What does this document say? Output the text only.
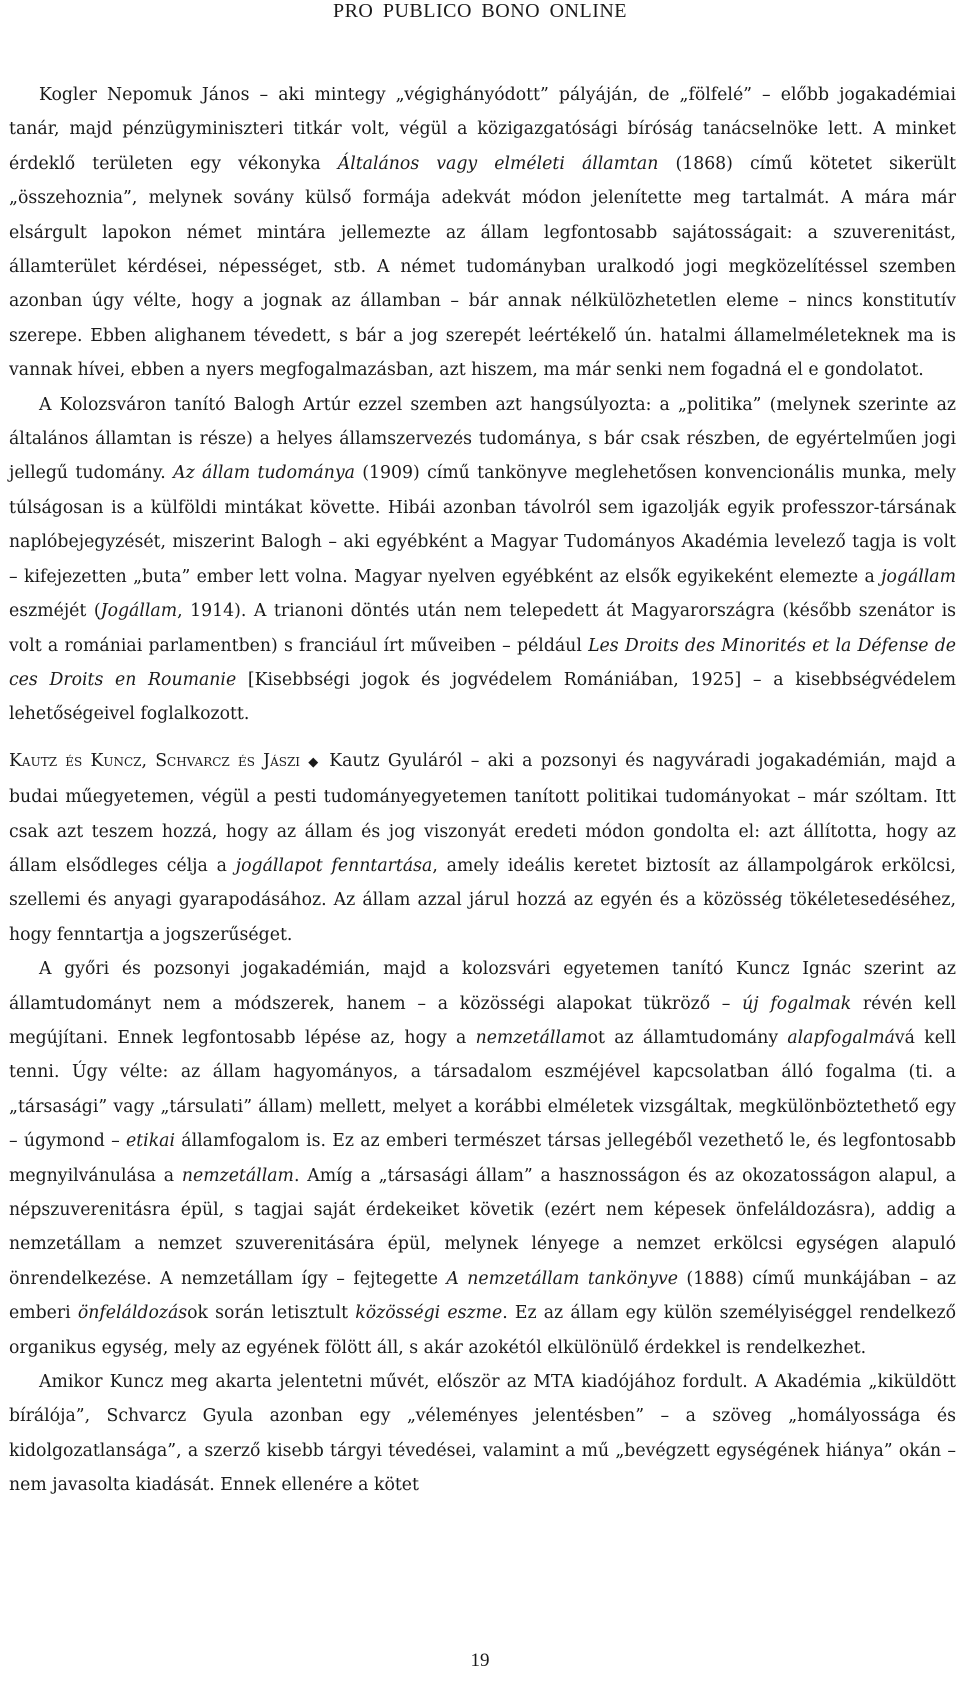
PRO PUBLICO BONO ONLINE

Kogler Nepomuk János – aki mintegy „végighányódott” pályáján, de „fölfelé” – előbb jogakadémiai tanár, majd pénzügyminiszteri titkár volt, végül a közigazgatósági bíróság tanácselnöke lett. A minket érdeklő területen egy vékonyka Általános vagy elméleti államtan (1868) című kötetet sikerült „összehoznia”, melynek sovány külső formája adekvát módon jelenítette meg tartalmát. A mára már elsárgult lapokon német mintára jellemezte az állam legfontosabb sajátosságait: a szuverenitást, államterület kérdései, népességet, stb. A német tudományban uralkodó jogi megközelítéssel szemben azonban úgy vélte, hogy a jognak az államban – bár annak nélkülözhetetlen eleme – nincs konstitutív szerepe. Ebben alighanem tévedett, s bár a jog szerepét leértékelő ún. hatalmi államelméleteknek ma is vannak hívei, ebben a nyers megfogalmazásban, azt hiszem, ma már senki nem fogadná el e gondolatot.

A Kolozsváron tanító Balogh Artúr ezzel szemben azt hangsúlyozta: a „politika” (melynek szerinte az általános államtan is része) a helyes államszervezés tudománya, s bár csak részben, de egyértelműen jogi jellegű tudomány. Az állam tudománya (1909) című tankönyve meglehetősen konvencionális munka, mely túlságosan is a külföldi mintákat követte. Hibái azonban távolról sem igazolják egyik professzor-társának naplóbejegyzését, miszerint Balogh – aki egyébként a Magyar Tudományos Akadémia levelező tagja is volt – kifejezetten „buta” ember lett volna. Magyar nyelven egyébként az elsők egyikeként elemezte a jogállam eszméjét (Jogállam, 1914). A trianoni döntés után nem telepedett át Magyarországra (később szenátor is volt a romániai parlamentben) s franciául írt műveiben – például Les Droits des Minorités et la Défense de ces Droits en Roumanie [Kisebbségi jogok és jogvédelem Romániában, 1925] – a kisebbségvédelem lehetőségeivel foglalkozott.

Kautz és Kuncz, Schvarcz és Jászi ◆ Kautz Gyuláról – aki a pozsonyi és nagyváradi jogakadémián, majd a budai műegyetemen, végül a pesti tudományegyetemen tanított politikai tudományokat – már szóltam. Itt csak azt teszem hozzá, hogy az állam és jog viszonyát eredeti módon gondolta el: azt állította, hogy az állam elsődleges célja a jogállapot fenntartása, amely ideális keretet biztosít az állampolgárok erkölcsi, szellemi és anyagi gyarapodásához. Az állam azzal járul hozzá az egyén és a közösség tökéletesedéséhez, hogy fenntartja a jogszerűséget.

A győri és pozsonyi jogakadémián, majd a kolozsvári egyetemen tanító Kuncz Ignác szerint az államtudományt nem a módszerek, hanem – a közösségi alapokat tükröző – új fogalmak révén kell megújítani. Ennek legfontosabb lépése az, hogy a nemzetállamot az államtudomány alapfogalmává kell tenni. Úgy vélte: az állam hagyományos, a társadalom eszméjével kapcsolatban álló fogalma (ti. a „társasági” vagy „társulati” állam) mellett, melyet a korábbi elméletek vizsgáltak, megkülönböztethető egy – úgymond – etikai államfogalom is. Ez az emberi természet társas jellegéből vezethető le, és legfontosabb megnyilvánulása a nemzetállam. Amíg a „társasági állam” a hasznosságon és az okozatosságon alapul, a népszuverenitásra épül, s tagjai saját érdekeiket követik (ezért nem képesek önfeláldozásra), addig a nemzetállam a nemzet szuverenitására épül, melynek lényege a nemzet erkölcsi egységen alapuló önrendelkezése. A nemzetállam így – fejtegette A nemzetállam tankönyve (1888) című munkájában – az emberi önfeláldozások során letisztult közösségi eszme. Ez az állam egy külön személyiséggel rendelkező organikus egység, mely az egyének fölött áll, s akár azokétól elkülönülő érdekkel is rendelkezhet.

Amikor Kuncz meg akarta jelentetni művét, először az MTA kiadójához fordult. A Akadémia „kiküldött bírálója”, Schvarcz Gyula azonban egy „véleményes jelentésben” – a szöveg „homályossága és kidolgozatlansága”, a szerző kisebb tárgyi tévedései, valamint a mű „bevégzett egységének hiánya” okán – nem javasolta kiadását. Ennek ellenére a kötet

19
